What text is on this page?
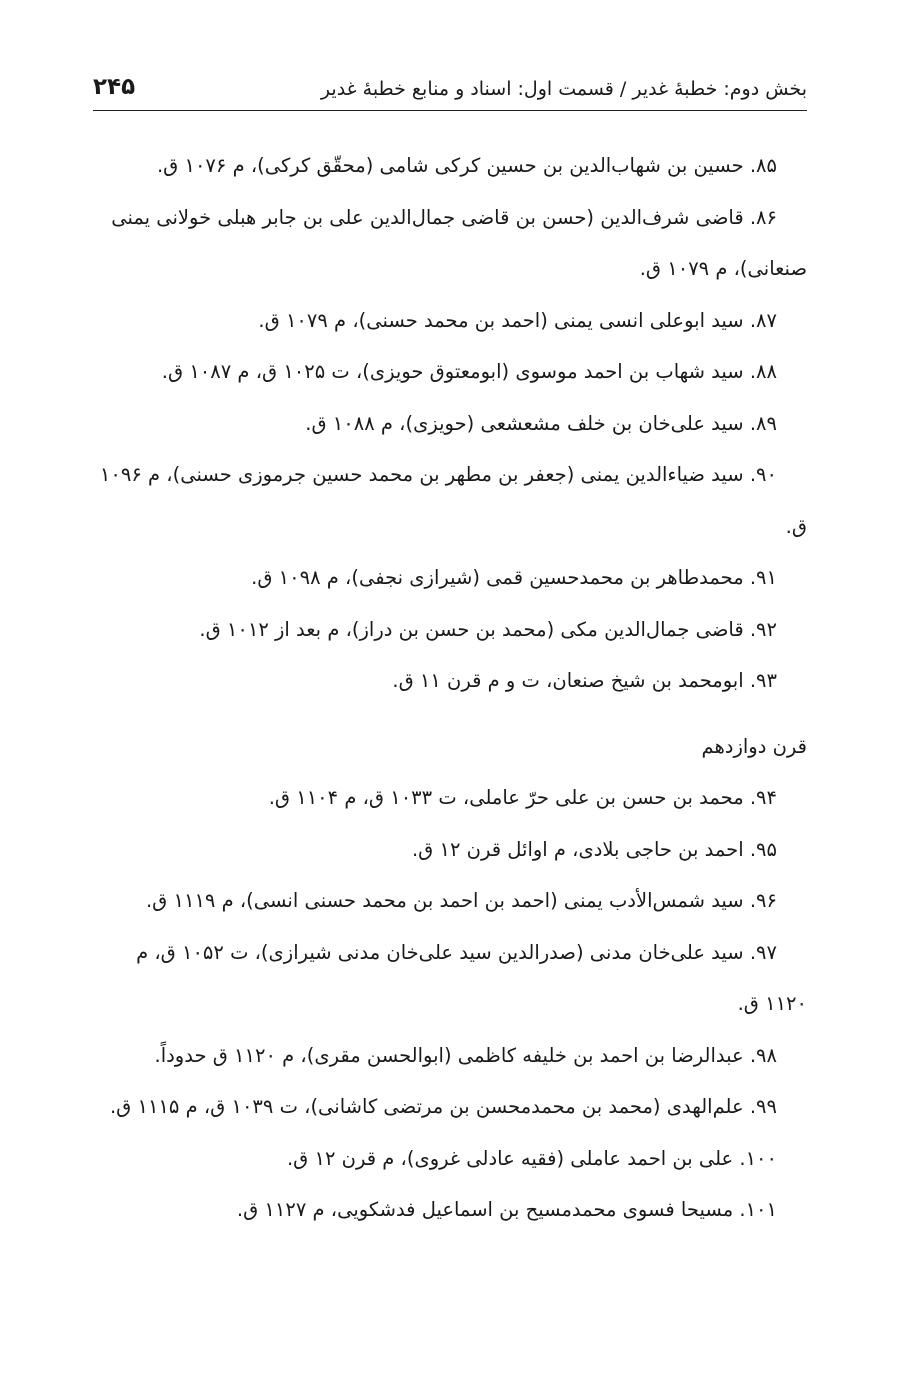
بخش دوم: خطبهٔ غدیر / قسمت اول: اسناد و منابع خطبهٔ غدیر
۲۴۵

۸۵. حسین بن شهاب‌الدین بن حسین کرکی شامی (محقّق کرکی)، م ۱۰۷۶ ق.

۸۶. قاضی شرف‌الدین (حسن بن قاضی جمال‌الدین علی بن جابر هبلی خولانی یمنی صنعانی)، م ۱۰۷۹ ق.

۸۷. سید ابوعلی انسی یمنی (احمد بن محمد حسنی)، م ۱۰۷۹ ق.

۸۸. سید شهاب بن احمد موسوی (ابومعتوق حویزی)، ت ۱۰۲۵ ق، م ۱۰۸۷ ق.

۸۹. سید علی‌خان بن خلف مشعشعی (حویزی)، م ۱۰۸۸ ق.

۹۰. سید ضیاءالدین یمنی (جعفر بن مطهر بن محمد حسین جرموزی حسنی)، م ۱۰۹۶ ق.

۹۱. محمدطاهر بن محمدحسین قمی (شیرازی نجفی)، م ۱۰۹۸ ق.

۹۲. قاضی جمال‌الدین مکی (محمد بن حسن بن دراز)، م بعد از ۱۰۱۲ ق.

۹۳. ابومحمد بن شیخ صنعان، ت و م قرن ۱۱ ق.

قرن دوازدهم

۹۴. محمد بن حسن بن علی حرّ عاملی، ت ۱۰۳۳ ق، م ۱۱۰۴ ق.

۹۵. احمد بن حاجی بلادی، م اوائل قرن ۱۲ ق.

۹۶. سید شمس‌الأدب یمنی (احمد بن احمد بن محمد حسنی انسی)، م ۱۱۱۹ ق.

۹۷. سید علی‌خان مدنی (صدرالدین سید علی‌خان مدنی شیرازی)، ت ۱۰۵۲ ق، م ۱۱۲۰ ق.

۹۸. عبدالرضا بن احمد بن خلیفه کاظمی (ابوالحسن مقری)، م ۱۱۲۰ ق حدوداً.

۹۹. علم‌الهدی (محمد بن محمدمحسن بن مرتضی کاشانی)، ت ۱۰۳۹ ق، م ۱۱۱۵ ق.

۱۰۰. علی بن احمد عاملی (فقیه عادلی غروی)، م قرن ۱۲ ق.

۱۰۱. مسیحا فسوی محمدمسیح بن اسماعیل فدشکویی، م ۱۱۲۷ ق.
